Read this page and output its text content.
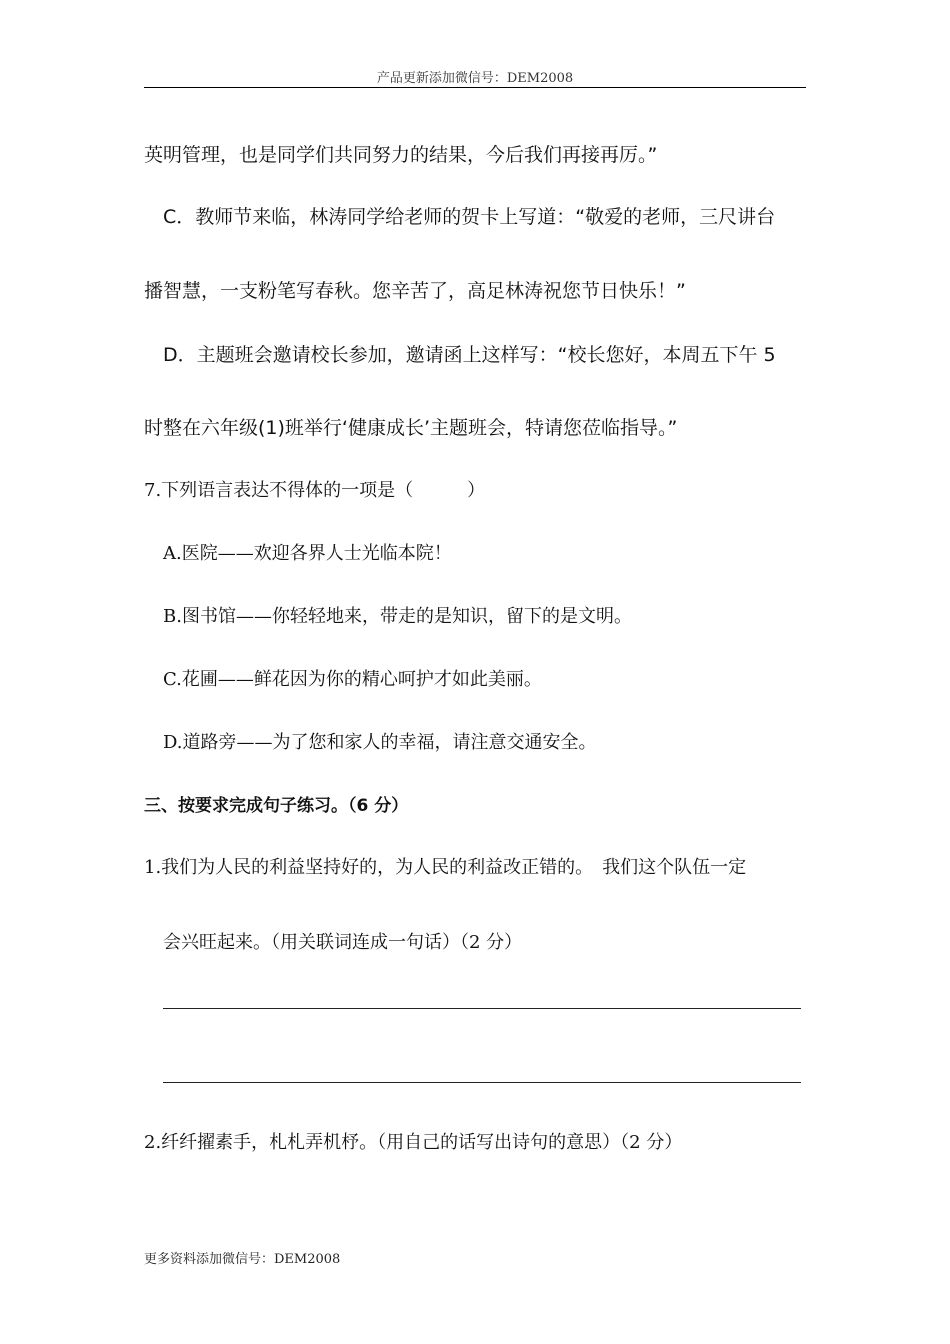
产品更新添加微信号：DEM2008
英明管理，也是同学们共同努力的结果，今后我们再接再厉。”
C．教师节来临，林涛同学给老师的贺卡上写道：“敬爱的老师，三尺讲台
播智慧，一支粉笔写春秋。您辛苦了，高足林涛祝您节日快乐！”
D．主题班会邀请校长参加，邀请函上这样写：“校长您好，本周五下午 5
时整在六年级(1)班举行‘健康成长’主题班会，特请您莅临指导。”
7.下列语言表达不得体的一项是（　　　）
A.医院——欢迎各界人士光临本院！
B.图书馆——你轻轻地来，带走的是知识，留下的是文明。
C.花圃——鲜花因为你的精心呵护才如此美丽。
D.道路旁——为了您和家人的幸福，请注意交通安全。
三、按要求完成句子练习。（6 分）
1.我们为人民的利益坚持好的，为人民的利益改正错的。　我们这个队伍一定
会兴旺起来。（用关联词连成一句话）（2 分）
2.纤纤擢素手，札札弄机杼。（用自己的话写出诗句的意思）（2 分）
更多资料添加微信号：DEM2008
